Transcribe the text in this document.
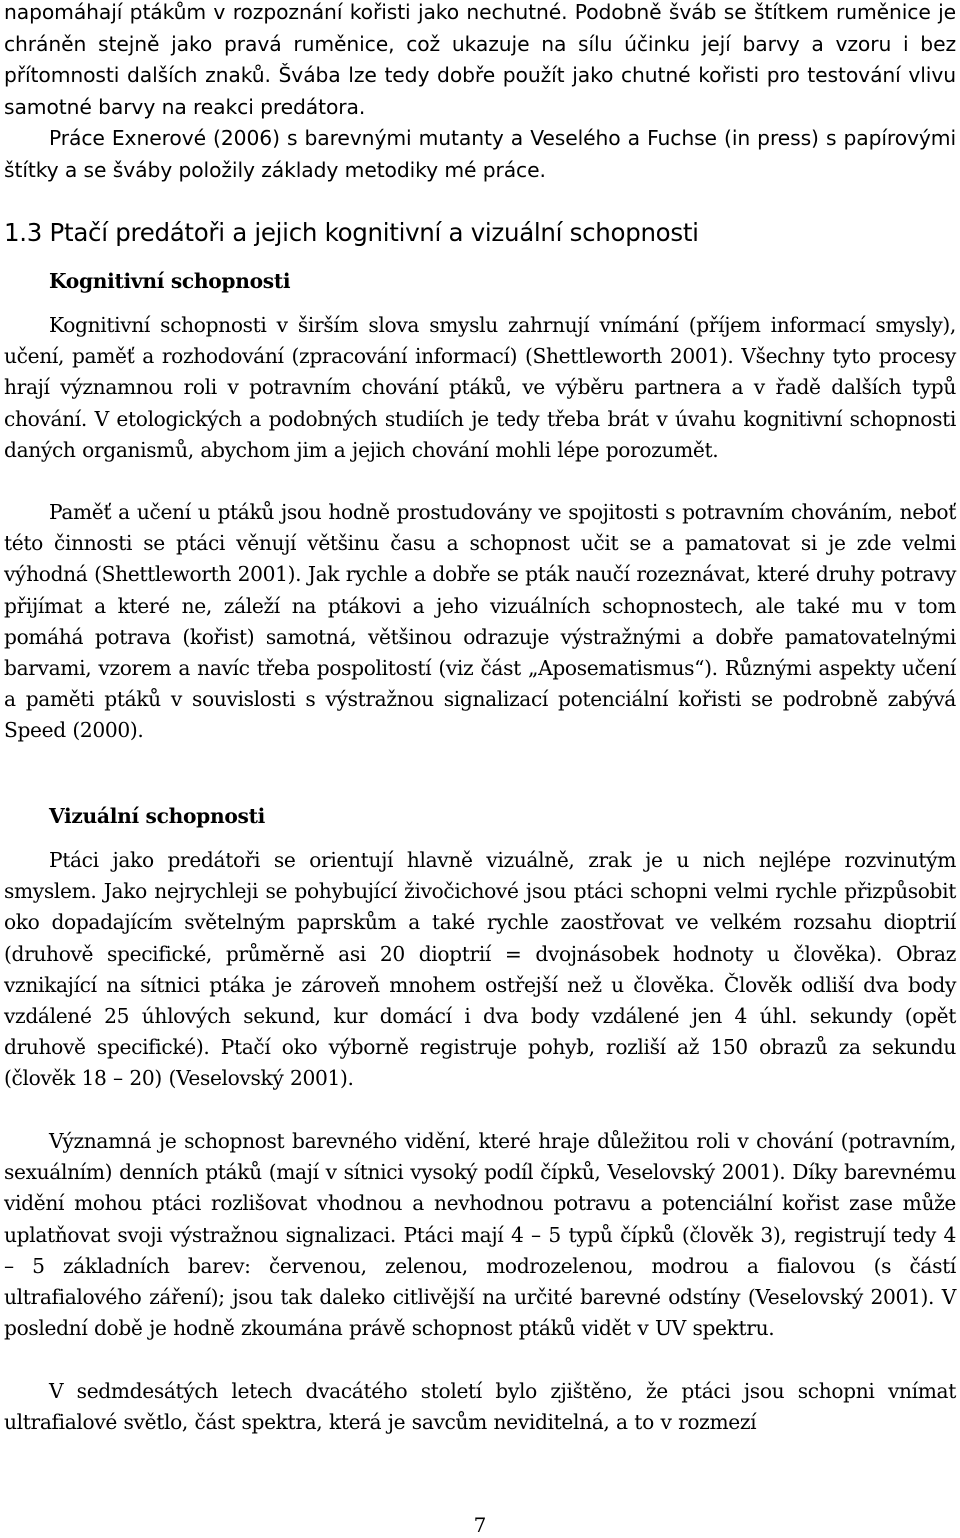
napomáhají ptákům v rozpoznání kořisti jako nechutné. Podobně šváb se štítkem ruměnice je chráněn stejně jako pravá ruměnice, což ukazuje na sílu účinku její barvy a vzoru i bez přítomnosti dalších znaků. Švába lze tedy dobře použít jako chutné kořisti pro testování vlivu samotné barvy na reakci predátora.

Práce Exnerové (2006) s barevnými mutanty a Veselého a Fuchse (in press) s papírovými štítky a se šváby položily základy metodiky mé práce.

1.3 Ptačí predátoři a jejich kognitivní a vizuální schopnosti
Kognitivní schopnosti

Kognitivní schopnosti v širším slova smyslu zahrnují vnímání (příjem informací smysly), učení, paměť a rozhodování (zpracování informací) (Shettleworth 2001). Všechny tyto procesy hrají významnou roli v potravním chování ptáků, ve výběru partnera a v řadě dalších typů chování. V etologických a podobných studiích je tedy třeba brát v úvahu kognitivní schopnosti daných organismů, abychom jim a jejich chování mohli lépe porozumět.

Paměť a učení u ptáků jsou hodně prostudovány ve spojitosti s potravním chováním, neboť této činnosti se ptáci věnují většinu času a schopnost učit se a pamatovat si je zde velmi výhodná (Shettleworth 2001). Jak rychle a dobře se pták naučí rozeznávat, které druhy potravy přijímat a které ne, záleží na ptákovi a jeho vizuálních schopnostech, ale také mu v tom pomáhá potrava (kořist) samotná, většinou odrazuje výstražnými a dobře pamatovatelnými barvami, vzorem a navíc třeba pospolitostí (viz část „Aposematismus“). Různými aspekty učení a paměti ptáků v souvislosti s výstražnou signalizací potenciální kořisti se podrobně zabývá Speed (2000).

Vizuální schopnosti

Ptáci jako predátoři se orientují hlavně vizuálně, zrak je u nich nejlépe rozvinutým smyslem. Jako nejrychleji se pohybující živočichové jsou ptáci schopni velmi rychle přizpůsobit oko dopadajícím světelným paprskům a také rychle zaostřovat ve velkém rozsahu dioptrií (druhově specifické, průměrně asi 20 dioptrií = dvojnásobek hodnoty u člověka). Obraz vznikající na sítnici ptáka je zároveň mnohem ostřejší než u člověka. Člověk odliší dva body vzdálené 25 úhlových sekund, kur domácí i dva body vzdálené jen 4 úhl. sekundy (opět druhově specifické). Ptačí oko výborně registruje pohyb, rozliší až 150 obrazů za sekundu (člověk 18 – 20) (Veselovský 2001).

Významná je schopnost barevného vidění, které hraje důležitou roli v chování (potravním, sexuálním) denních ptáků (mají v sítnici vysoký podíl čípků, Veselovský 2001). Díky barevnému vidění mohou ptáci rozlišovat vhodnou a nevhodnou potravu a potenciální kořist zase může uplatňovat svoji výstražnou signalizaci. Ptáci mají 4 – 5 typů čípků (člověk 3), registrují tedy 4 – 5 základních barev: červenou, zelenou, modrozelenou, modrou a fialovou (s částí ultrafialového záření); jsou tak daleko citlivější na určité barevné odstíny (Veselovský 2001). V poslední době je hodně zkoumána právě schopnost ptáků vidět v UV spektru.

V sedmdesátých letech dvacátého století bylo zjištěno, že ptáci jsou schopni vnímat ultrafialové světlo, část spektra, která je savcům neviditelná, a to v rozmezí

7
